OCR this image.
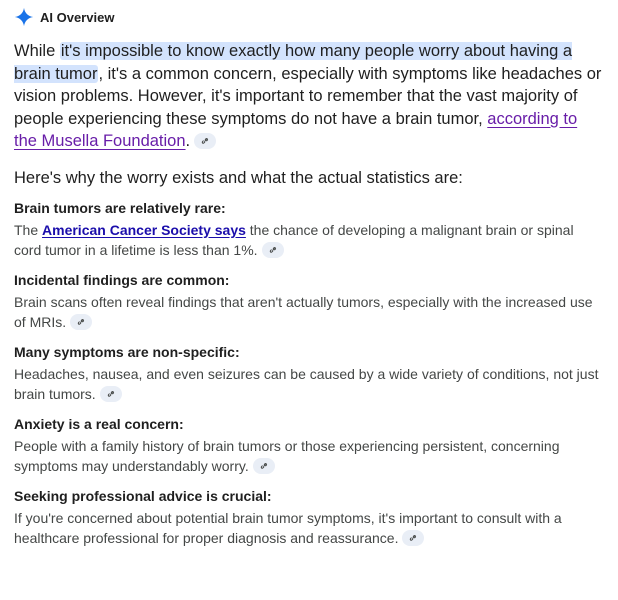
AI Overview
While it's impossible to know exactly how many people worry about having a brain tumor, it's a common concern, especially with symptoms like headaches or vision problems. However, it's important to remember that the vast majority of people experiencing these symptoms do not have a brain tumor, according to the Musella Foundation.
Here's why the worry exists and what the actual statistics are:
Brain tumors are relatively rare:
The American Cancer Society says the chance of developing a malignant brain or spinal cord tumor in a lifetime is less than 1%.
Incidental findings are common:
Brain scans often reveal findings that aren't actually tumors, especially with the increased use of MRIs.
Many symptoms are non-specific:
Headaches, nausea, and even seizures can be caused by a wide variety of conditions, not just brain tumors.
Anxiety is a real concern:
People with a family history of brain tumors or those experiencing persistent, concerning symptoms may understandably worry.
Seeking professional advice is crucial:
If you're concerned about potential brain tumor symptoms, it's important to consult with a healthcare professional for proper diagnosis and reassurance.
